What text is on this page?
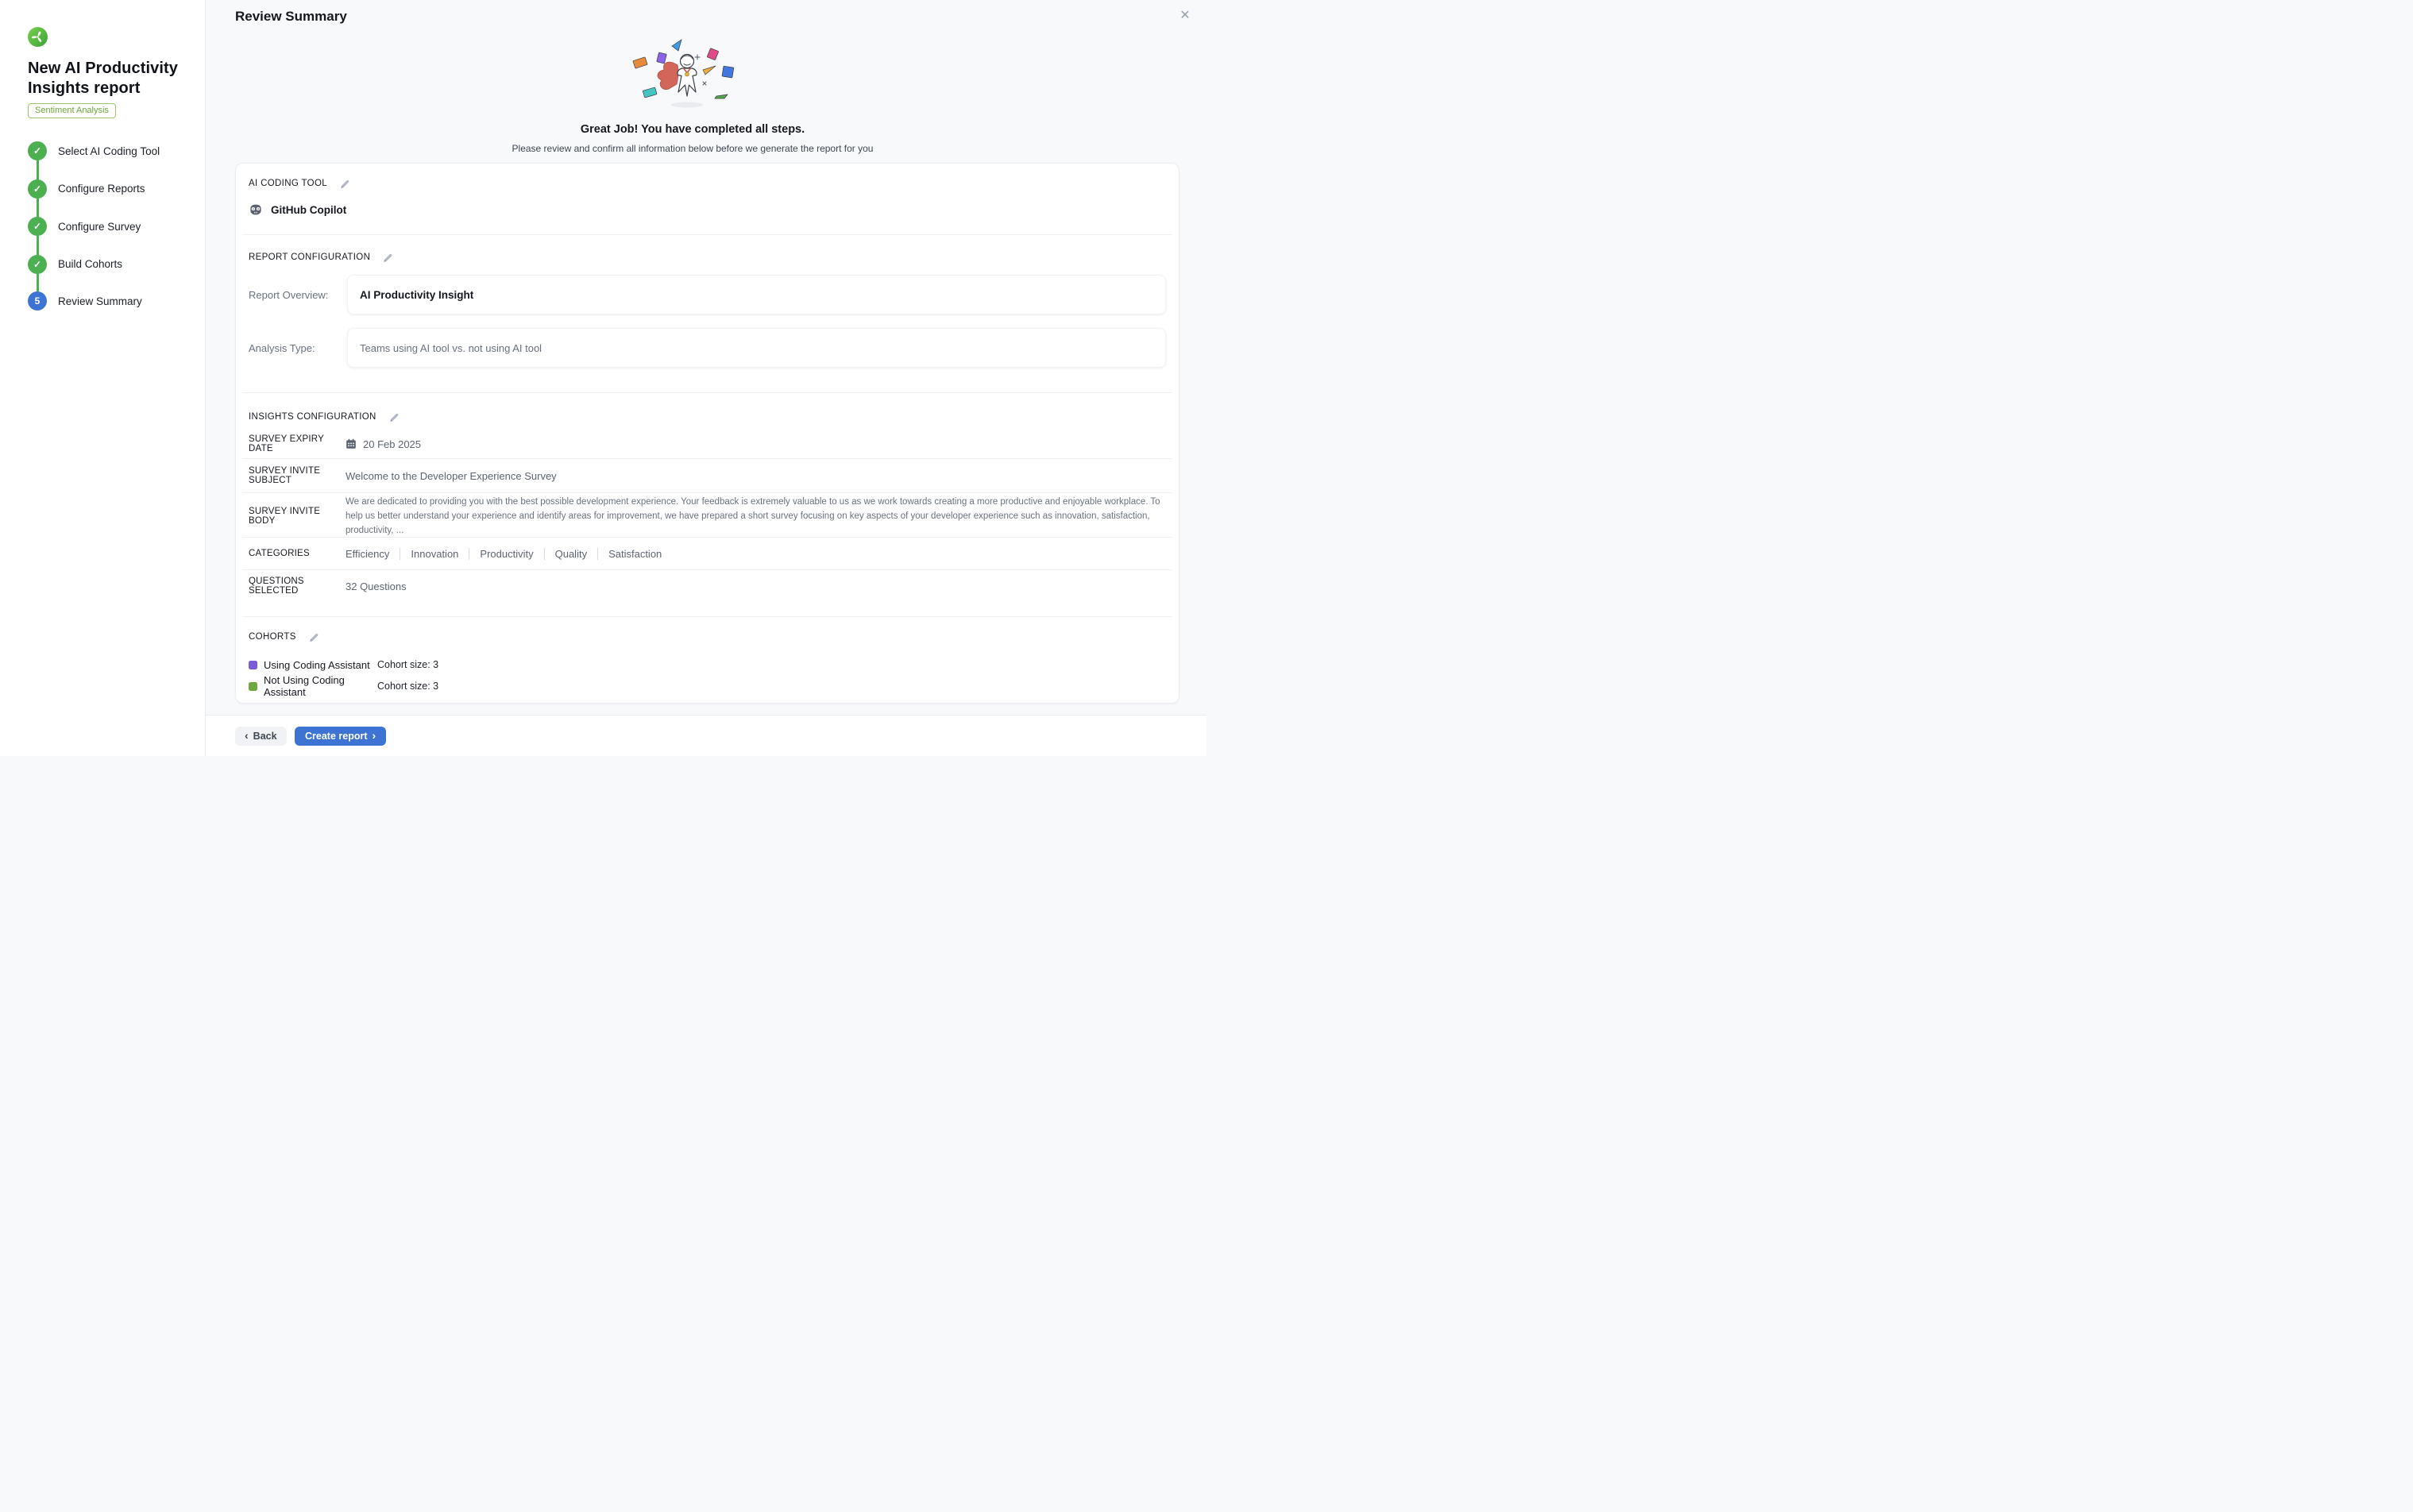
New AI Productivity Insights report
Sentiment Analysis
✓ Select AI Coding Tool
✓ Configure Reports
✓ Configure Survey
✓ Build Cohorts
5	Review Summary
Review Summary	✕
Great Job! You have completed all steps.
Please review and confirm all information below before we generate the report for you
AI CODING TOOL
GitHub Copilot
REPORT CONFIGURATION
Report Overview:	AI Productivity Insight
Analysis Type:	Teams using AI tool vs. not using AI tool
INSIGHTS CONFIGURATION
SURVEY EXPIRY DATE	20 Feb 2025
SURVEY INVITE SUBJECT	Welcome to the Developer Experience Survey
SURVEY INVITE BODY
We are dedicated to providing you with the best possible development experience. Your feedback is extremely valuable to us as we work towards creating a more productive and enjoyable workplace. To help us better understand your experience and identify areas for improvement, we have prepared a short survey focusing on key aspects of your developer experience such as innovation, satisfaction, productivity, ...
CATEGORIES	Efficiency	Innovation	Productivity	Quality	Satisfaction
QUESTIONS SELECTED	32 Questions
COHORTS
Using Coding Assistant Cohort size: 3
Not Using Coding Assistant	Cohort size: 3
‹ Back	Create report ›
